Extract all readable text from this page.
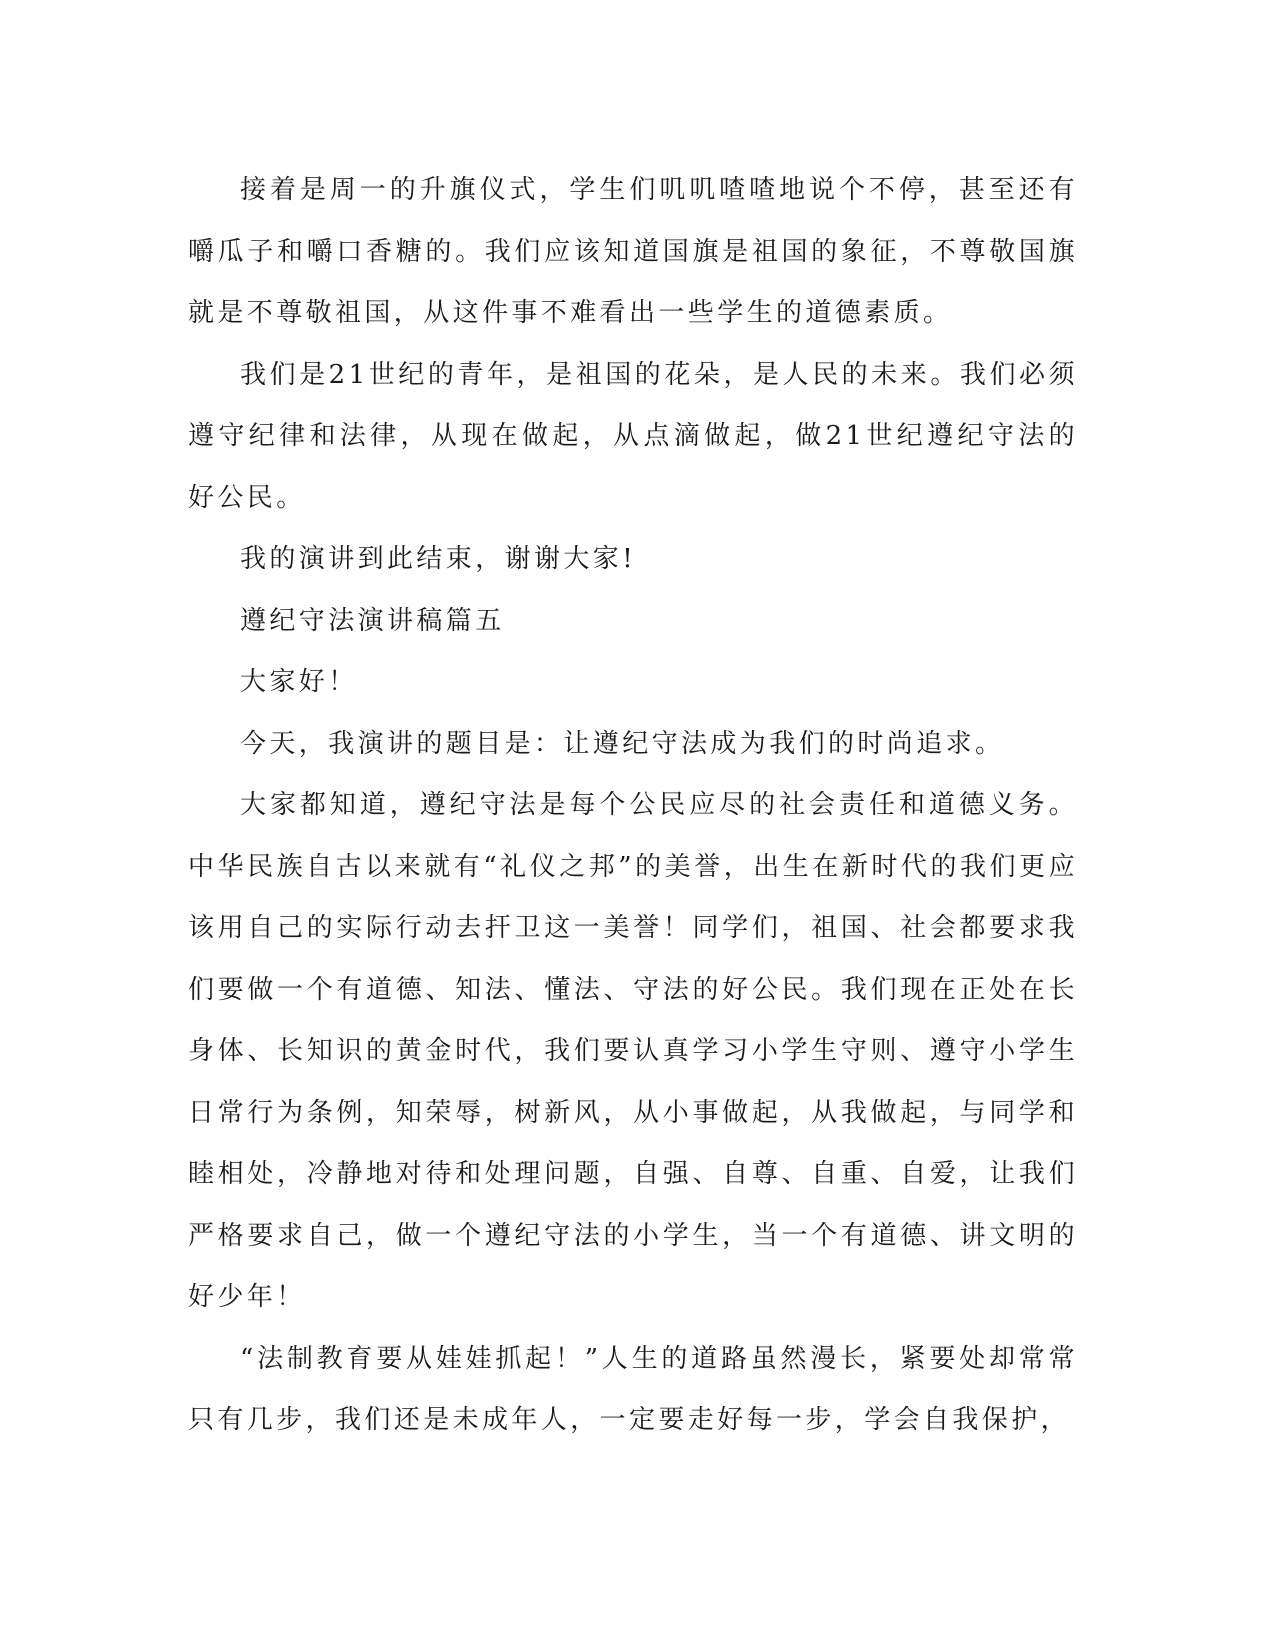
接着是周一的升旗仪式，学生们叽叽喳喳地说个不停，甚至还有嚼瓜子和嚼口香糖的。我们应该知道国旗是祖国的象征，不尊敬国旗就是不尊敬祖国，从这件事不难看出一些学生的道德素质。

我们是21世纪的青年，是祖国的花朵，是人民的未来。我们必须遵守纪律和法律，从现在做起，从点滴做起，做21世纪遵纪守法的好公民。

我的演讲到此结束，谢谢大家!

遵纪守法演讲稿篇五

大家好！

今天，我演讲的题目是：让遵纪守法成为我们的时尚追求。

大家都知道，遵纪守法是每个公民应尽的社会责任和道德义务。中华民族自古以来就有“礼仪之邦”的美誉，出生在新时代的我们更应该用自己的实际行动去扞卫这一美誉！同学们，祖国、社会都要求我们要做一个有道德、知法、懂法、守法的好公民。我们现在正处在长身体、长知识的黄金时代，我们要认真学习小学生守则、遵守小学生日常行为条例，知荣辱，树新风，从小事做起，从我做起，与同学和睦相处，冷静地对待和处理问题，自强、自尊、自重、自爱，让我们严格要求自己，做一个遵纪守法的小学生，当一个有道德、讲文明的好少年！

“法制教育要从娃娃抓起！”人生的道路虽然漫长，紧要处却常常只有几步，我们还是未成年人，一定要走好每一步，学会自我保护，
